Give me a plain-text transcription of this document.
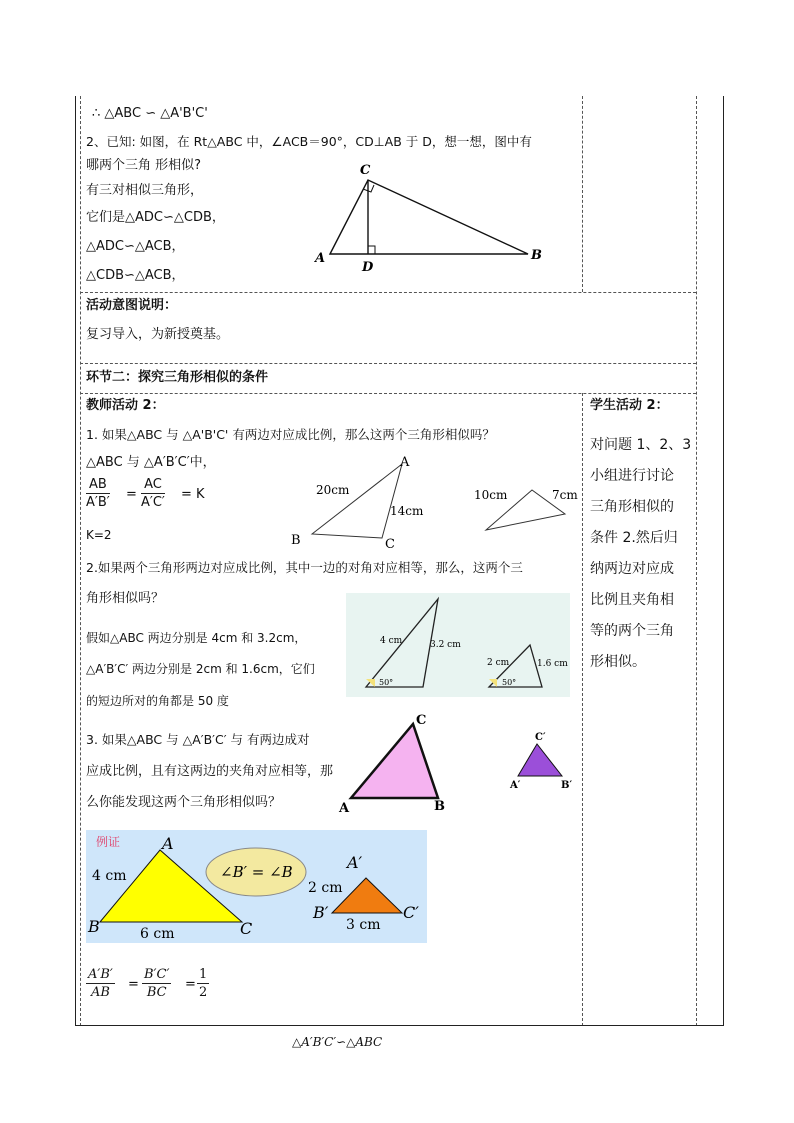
∴ △ABC ∽ △A'B'C'
2、已知: 如图，在 Rt△ABC 中，∠ACB＝90°，CD⊥AB 于 D，想一想，图中有
哪两个三角 形相似?
有三对相似三角形，
它们是△ADC∽△CDB，
△ADC∽△ACB，
△CDB∽△ACB，
C
A
D
B
活动意图说明：
复习导入，为新授奠基。
环节二：探究三角形相似的条件
教师活动 2：
1. 如果△ABC 与 △A'B'C' 有两边对应成比例，那么这两个三角形相似吗？
△ABC 与 △A′B′C′中，
$\frac{AB}{A'B'} = \frac{AC}{A'C'} = K$
K=2
A
B	C
20cm
14cm
10cm	7cm
2.如果两个三角形两边对应成比例，其中一边的对角对应相等，那么，这两个三
角形相似吗？
假如△ABC 两边分别是 4cm 和 3.2cm，
△A′B′C′ 两边分别是 2cm 和 1.6cm，它们
的短边所对的角都是 50 度
4 cm	3.2 cm
50°
2 cm	1.6 cm
50°
3. 如果△ABC 与 △A′B′C′ 与 有两边成对
应成比例，且有这两边的夹角对应相等，那
么你能发现这两个三角形相似吗？
C
A	B
C′
A′	B′
例证
∠B′ = ∠B
A
B	C
4 cm
6 cm
A′
B′	C′
2 cm
3 cm
$\frac{A'B'}{AB} = \frac{B'C'}{BC} = \frac{1}{2}$
学生活动 2：
对问题 1、2、3
小组进行讨论
三角形相似的
条件 2.然后归
纳两边对应成
比例且夹角相
等的两个三角
形相似。
△A′B′C′∽△ABC
